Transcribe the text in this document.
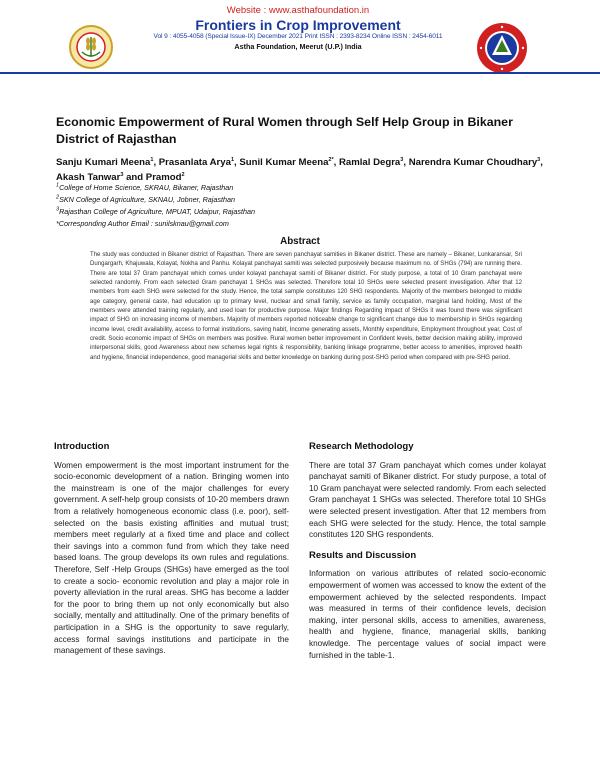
Website : www.asthafoundation.in
Frontiers in Crop Improvement
Vol 9 : 4055-4058 (Special Issue-IX) December 2021 Print ISSN : 2393-8234 Online ISSN : 2454-6011
Astha Foundation, Meerut (U.P.) India
Economic Empowerment of Rural Women through Self Help Group in Bikaner District of Rajasthan
Sanju Kumari Meena$^1$, Prasanlata Arya$^1$, Sunil Kumar Meena$^{2*}$, Ramlal Degra$^3$, Narendra Kumar Choudhary$^3$, Akash Tanwar$^3$ and Pramod$^2$
$^1$College of Home Science, SKRAU, Bikaner, Rajasthan
$^2$SKN College of Agriculture, SKNAU, Jobner, Rajasthan
$^3$Rajasthan College of Agriculture, MPUAT, Udaipur, Rajasthan
*Corresponding Author Email : sunilsknau@gmail.com
Abstract
The study was conducted in Bikaner district of Rajasthan. There are seven panchayat samities in Bikaner district. These are namely – Bikaner, Lunkaransar, Sri Dungargarh, Khajuwala, Kolayat, Nokha and Panhu. Kolayat panchayat samiti was selected purposively because maximum no. of SHGs (794) are running there. There are total 37 Gram panchayat which comes under kolayat panchayat samiti of Bikaner district. For study purpose, a total of 10 Gram panchayat were selected randomly. From each selected Gram panchayat 1 SHGs was selected. Therefore total 10 SHGs were selected present investigation. After that 12 members from each SHG were selected for the study. Hence, the total sample constitutes 120 SHG respondents. Majority of the members belonged to middle age category, general caste, had education up to primary level, nuclear and small family, service as family occupation, marginal land holding, Most of the members were attended training regularly, and used loan for productive purpose. Major findings Regarding impact of SHGs it was found there was significant impact of SHG on increasing income of members. Majority of members reported noticeable change to significant change due to membership in SHGs regarding income level, credit availability, access to formal institutions, saving habit, Income generating assets, Monthly expenditure, Employment throughout year, Cost of credit. Socio economic impact of SHGs on members was positive. Rural women better improvement in Confident levels, better decision making ability, improved interpersonal skills, good Awareness about new schemes legal rights & responsibility, banking linkage programme, better access to amenities, improved health and hygiene, financial independence, good managerial skills and better knowledge on banking during post-SHG period when compared with pre-SHG period.
Introduction
Women empowerment is the most important instrument for the socio-economic development of a nation. Bringing women into the mainstream is one of the major challenges for every government. A self-help group consists of 10-20 members drawn from a relatively homogeneous economic class (i.e. poor), self-selected on the basis existing affinities and mutual trust; members meet regularly at a fixed time and place and collect their savings into a common fund from which they take need based loans. The group develops its own rules and regulations. Therefore, Self -Help Groups (SHGs) have emerged as the tool to create a socio- economic revolution and play a major role in poverty alleviation in the rural areas. SHG has become a ladder for the poor to bring them up not only economically but also socially, mentally and attitudinally. One of the primary benefits of participation in a SHG is the opportunity to save regularly, access formal savings institutions and participate in the management of these savings.
Research Methodology
There are total 37 Gram panchayat which comes under kolayat panchayat samiti of Bikaner district. For study purpose, a total of 10 Gram panchayat were selected randomly. From each selected Gram panchayat 1 SHGs was selected. Therefore total 10 SHGs were selected present investigation. After that 12 members from each SHG were selected for the study. Hence, the total sample constitutes 120 SHG respondents.
Results and Discussion
Information on various attributes of related socio-economic empowerment of women was accessed to know the extent of the empowerment achieved by the selected respondents. Impact was measured in terms of their confidence levels, decision making, inter personal skills, access to amenities, awareness, health and hygiene, finance, managerial skills, banking knowledge. The percentage values of social impact were furnished in the table-1.
